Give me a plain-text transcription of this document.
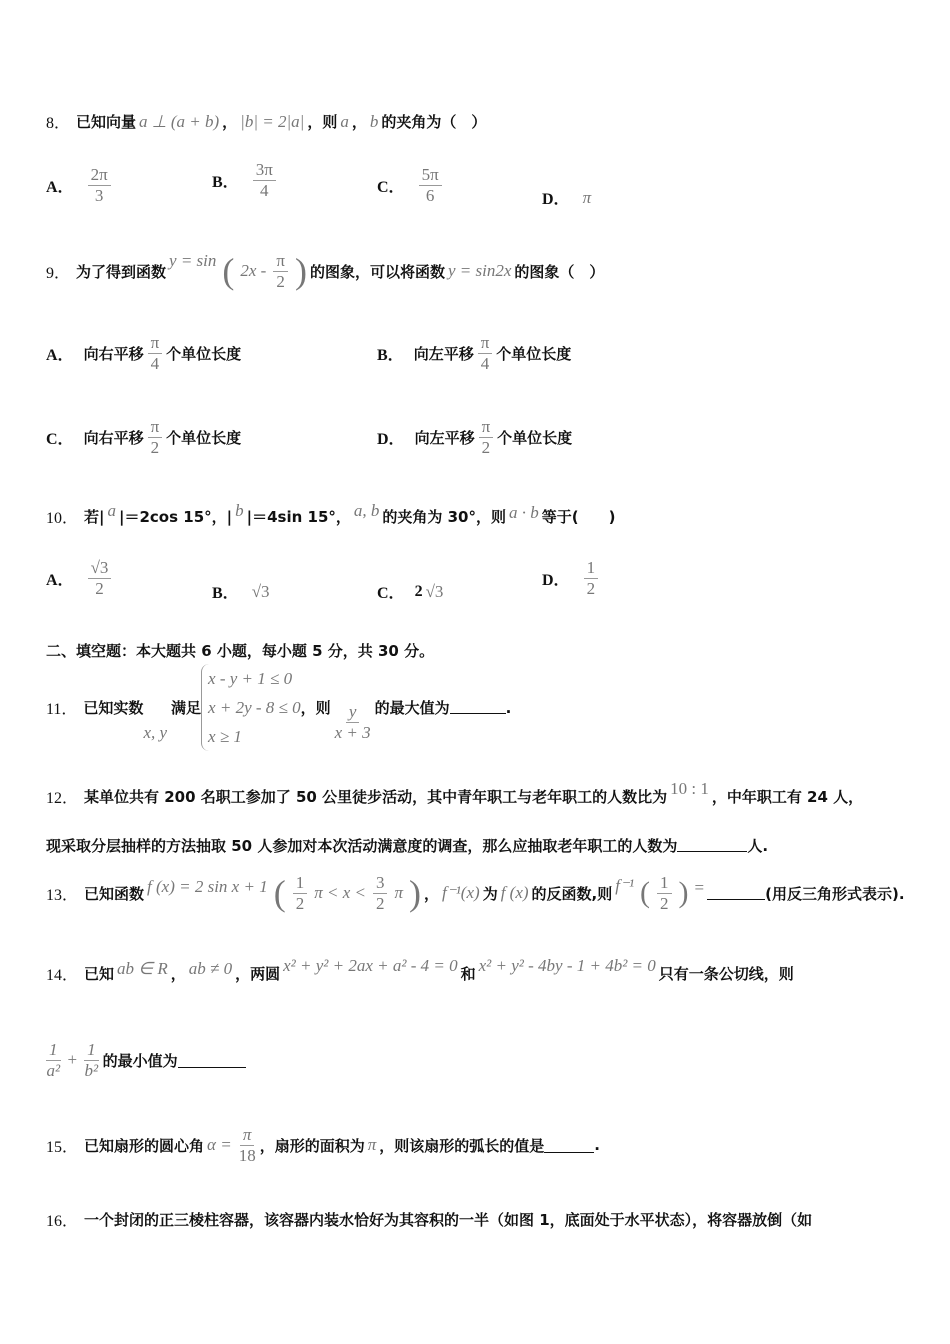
8． 已知向量 a ⊥ (a + b) ， |b| = 2|a| ，则 a ， b 的夹角为（　）
A． $\frac{2\pi}{3}$	B． $\frac{3\pi}{4}$	C． $\frac{5\pi}{6}$	D． π
9． 为了得到函数
y = sin ( $2x - \frac{\pi}{2}$ ) 的图象，可以将函数 y = sin2x 的图象（　）
A． 向右平移 $\frac{\pi}{4}$ 个单位长度	B． 向左平移 $\frac{\pi}{4}$ 个单位长度
C． 向右平移 $\frac{\pi}{2}$ 个单位长度	D． 向左平移 $\frac{\pi}{2}$ 个单位长度
10． 若| a |＝2cos 15°，| b |＝4sin 15°， a, b 的夹角为 30°，则 a · b 等于(　　)
A． $\frac{√3}{2}$	B． √3	C． 2 √3
D． $\frac{1}{2}$
二、填空题：本大题共 6 小题，每小题 5 分，共 30 分。
11． 已知实数
x, y
满足
x - y + 1 ≤ 0
x + 2y - 8 ≤ 0
x ≥ 1
，则 $\frac{y}{x + 3}$ 的最大值为	.
12． 某单位共有 200 名职工参加了 50 公里徒步活动，其中青年职工与老年职工的人数比为 10 : 1 ，中年职工有 24 人，
现采取分层抽样的方法抽取 50 人参加对本次活动满意度的调查，那么应抽取老年职工的人数为	人.
13． 已知函数 f (x) = 2 sin x + 1 ( $\frac{1}{2}$ $\pi < x < \frac{3}{2}$ π ) ， f⁻¹(x) 为 f (x) 的反函数,则 f⁻¹ ( $\frac{1}{2}$ ) =	(用反三角形式表示).
14． 已知 ab ∈ R ， ab ≠ 0 ，两圆 x² + y² + 2ax + a² - 4 = 0 和 x² + y² - 4by - 1 + 4b² = 0 只有一条公切线，则
$\frac{1}{\text{a²}} + \frac{1}{\text{b²}}$ 的最小值为
15． 已知扇形的圆心角 $\alpha = \frac{\pi}{18}$ ，扇形的面积为 π ，则该扇形的弧长的值是	.
16． 一个封闭的正三棱柱容器，该容器内装水恰好为其容积的一半（如图 1，底面处于水平状态），将容器放倒（如
